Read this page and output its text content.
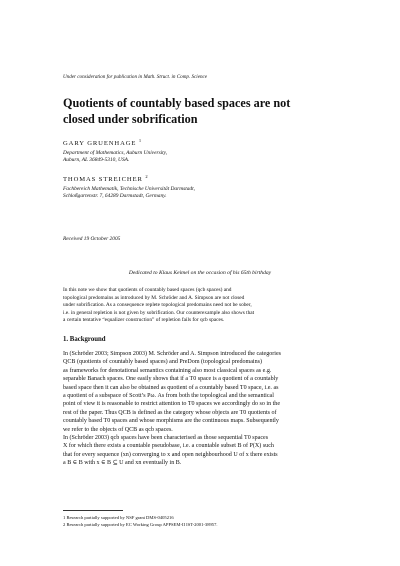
Under consideration for publication in Math. Struct. in Comp. Science
Quotients of countably based spaces are not
closed under sobrification
GARY GRUENHAGE $^1$
Department of Mathematics, Auburn University,
Auburn, AL 36849-5310, USA.
THOMAS STREICHER $^2$
Fachbereich Mathematik, Technische Universität Darmstadt,
Schloßgartenstr. 7, 64289 Darmstadt, Germany.
Received 19 October 2005
Dedicated to Klaus Keimel on the occasion of his 65th birthday
In this note we show that quotients of countably based spaces (qcb spaces) and
topological predomains as introduced by M. Schröder and A. Simpson are not closed
under sobrification. As a consequence replete topological predomains need not be sober,
i.e. in general repletion is not given by sobrification. Our counterexample also shows that
a certain tentative “equalizer construction” of repletion fails for qcb spaces.
1. Background
In (Schröder 2003; Simpson 2003) M. Schröder and A. Simpson introduced the categories
QCB (quotients of countably based spaces) and PreDom (topological predomains)
as frameworks for denotational semantics containing also most classical spaces as e.g.
separable Banach spaces. One easily shows that if a T0 space is a quotient of a countably
based space then it can also be obtained as quotient of a countably based T0 space, i.e. as
a quotient of a subspace of Scott’s Pω. As from both the topological and the semantical
point of view it is reasonable to restrict attention to T0 spaces we accordingly do so in the
rest of the paper. Thus QCB is defined as the category whose objects are T0 quotients of
countably based T0 spaces and whose morphisms are the continuous maps. Subsequently
we refer to the objects of QCB as qcb spaces.
In (Schröder 2003) qcb spaces have been characterised as those sequential T0 spaces
X for which there exists a countable pseudobase, i.e. a countable subset B of P(X) such
that for every sequence (xn) converging to x and open neighbourhood U of x there exists
a B ∈ B with x ∈ B ⊆ U and xn eventually in B.
1 Research partially supported by NSF grant DMS-0405216
2 Research partially supported by EC Working Group APPSEM-II IST-2001-38957.
